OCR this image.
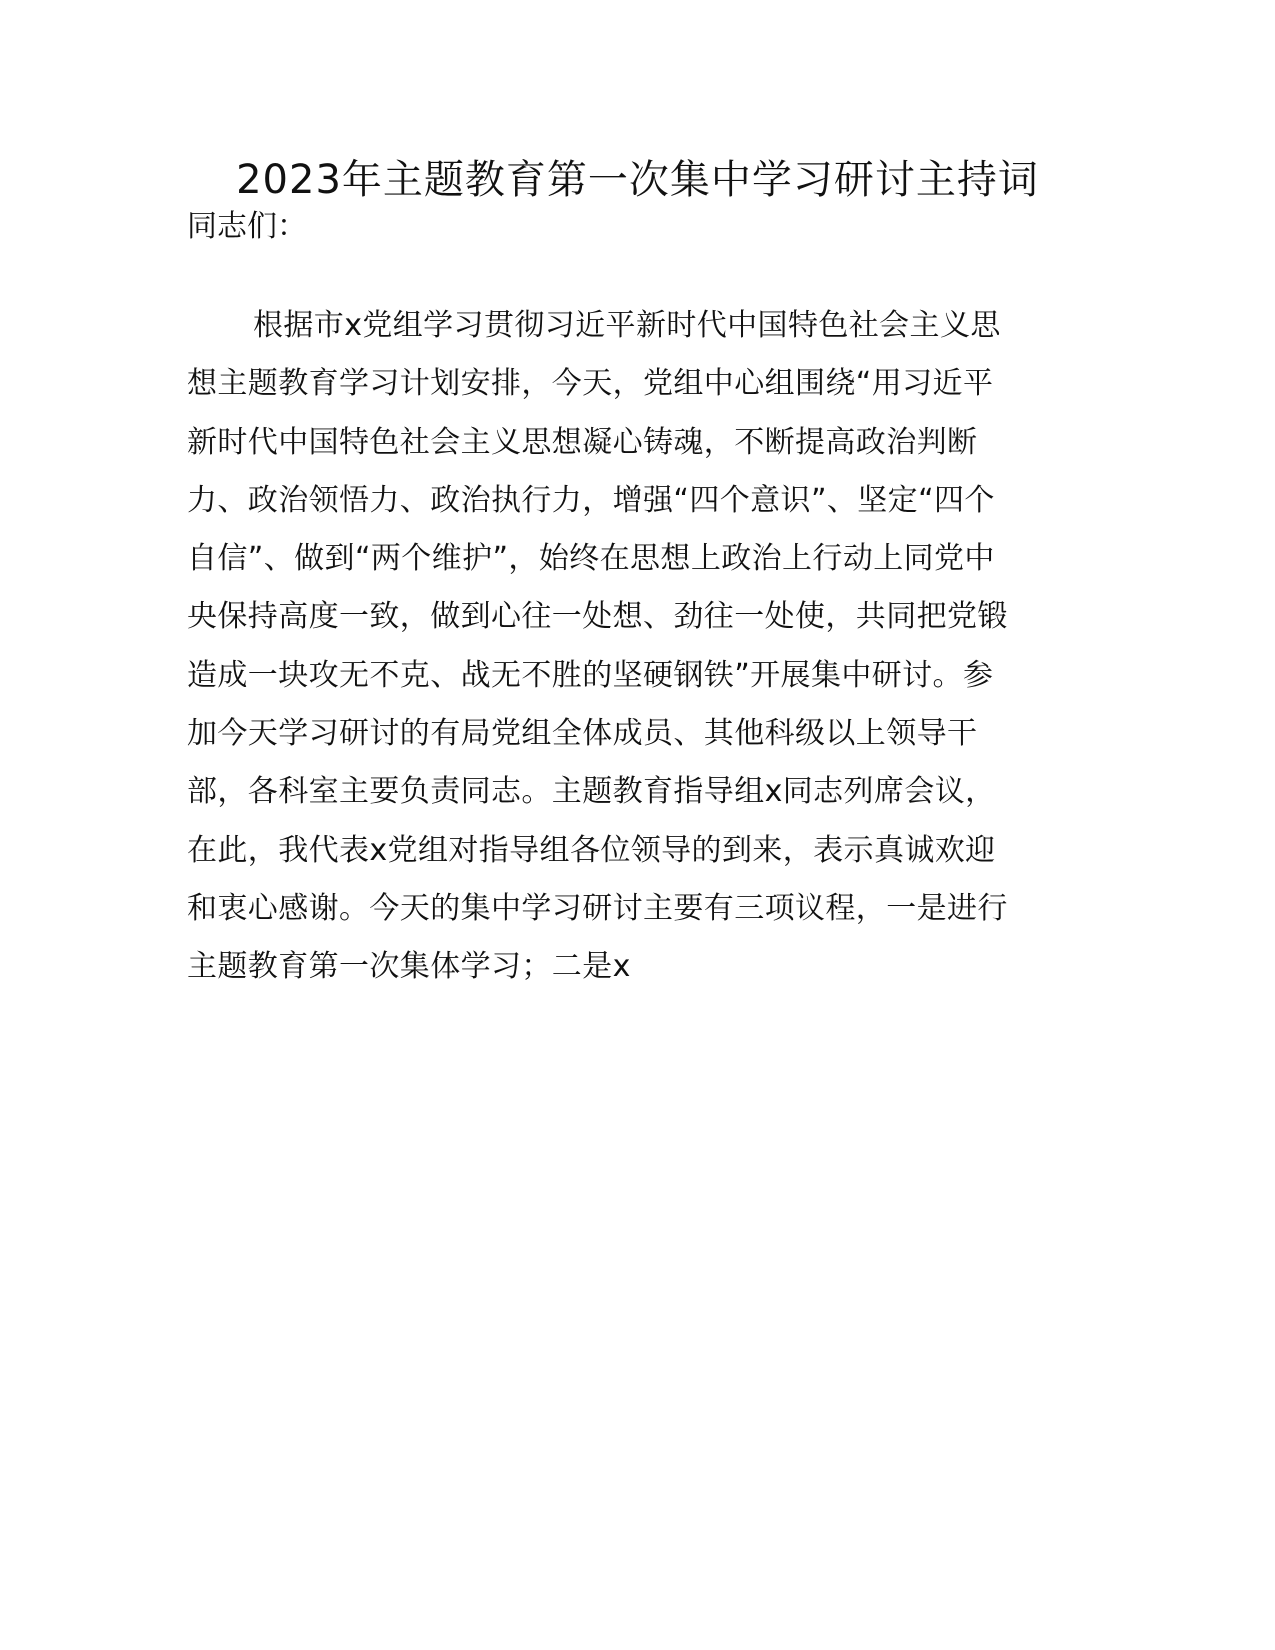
2023年主题教育第一次集中学习研讨主持词

同志们：

根据市x党组学习贯彻习近平新时代中国特色社会主义思
想主题教育学习计划安排，今天，党组中心组围绕“用习近平
新时代中国特色社会主义思想凝心铸魂，不断提高政治判断
力、政治领悟力、政治执行力，增强“四个意识”、坚定“四个
自信”、做到“两个维护”，始终在思想上政治上行动上同党中
央保持高度一致，做到心往一处想、劲往一处使，共同把党锻
造成一块攻无不克、战无不胜的坚硬钢铁”开展集中研讨。参
加今天学习研讨的有局党组全体成员、其他科级以上领导干
部，各科室主要负责同志。主题教育指导组x同志列席会议，
在此，我代表x党组对指导组各位领导的到来，表示真诚欢迎
和衷心感谢。今天的集中学习研讨主要有三项议程，一是进行
主题教育第一次集体学习；二是x
